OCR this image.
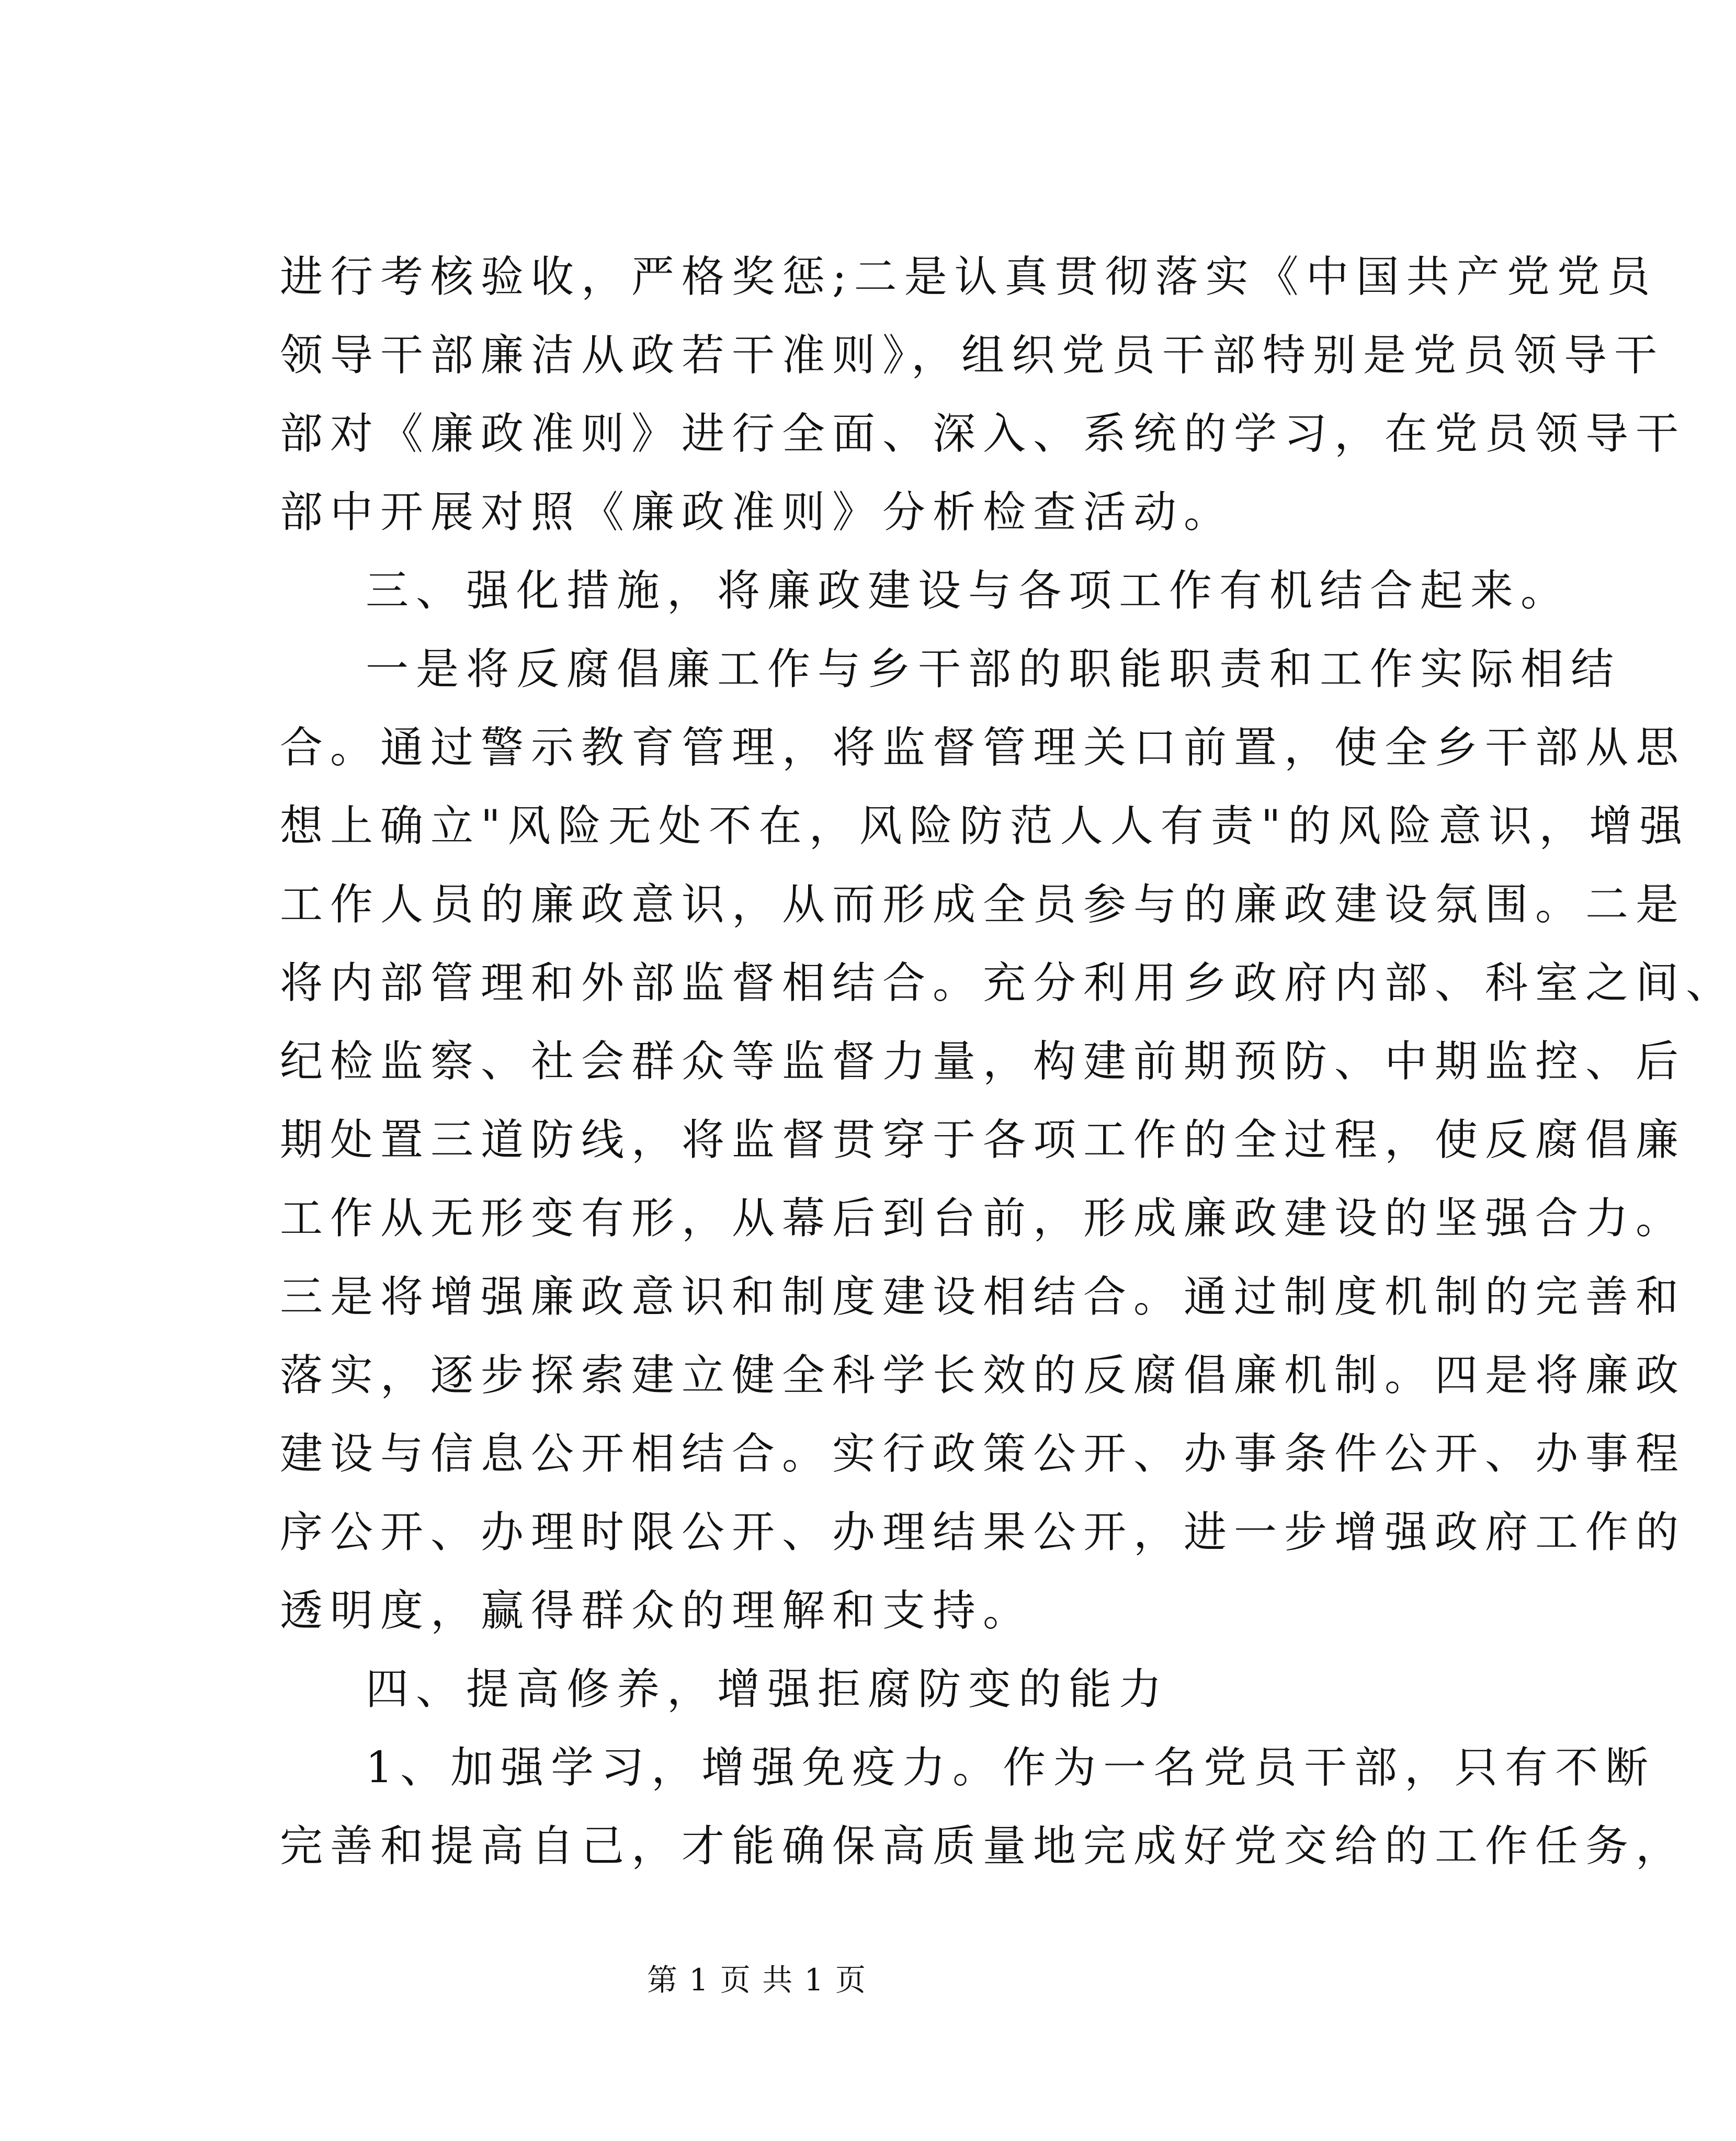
进行考核验收，严格奖惩;二是认真贯彻落实《中国共产党党员
领导干部廉洁从政若干准则》，组织党员干部特别是党员领导干
部对《廉政准则》进行全面、深入、系统的学习，在党员领导干
部中开展对照《廉政准则》分析检查活动。
三、强化措施，将廉政建设与各项工作有机结合起来。
一是将反腐倡廉工作与乡干部的职能职责和工作实际相结
合。通过警示教育管理，将监督管理关口前置，使全乡干部从思
想上确立"风险无处不在，风险防范人人有责"的风险意识，增强
工作人员的廉政意识，从而形成全员参与的廉政建设氛围。二是
将内部管理和外部监督相结合。充分利用乡政府内部、科室之间、
纪检监察、社会群众等监督力量，构建前期预防、中期监控、后
期处置三道防线，将监督贯穿于各项工作的全过程，使反腐倡廉
工作从无形变有形，从幕后到台前，形成廉政建设的坚强合力。
三是将增强廉政意识和制度建设相结合。通过制度机制的完善和
落实，逐步探索建立健全科学长效的反腐倡廉机制。四是将廉政
建设与信息公开相结合。实行政策公开、办事条件公开、办事程
序公开、办理时限公开、办理结果公开，进一步增强政府工作的
透明度，赢得群众的理解和支持。
四、提高修养，增强拒腐防变的能力
1、加强学习，增强免疫力。作为一名党员干部，只有不断
完善和提高自己，才能确保高质量地完成好党交给的工作任务，
第 1 页 共 1 页
